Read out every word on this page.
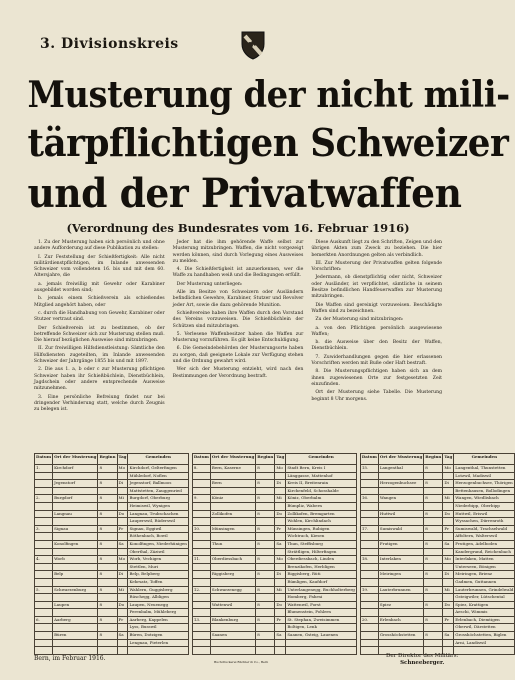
3. Divisionskreis
Musterung der nicht mili-
tärpflichtigen Schweizer
und der Privatwaffen
(Verordnung des Bundesrates vom 16. Februar 1916)

1. Zu der Musterung haben sich persönlich und ohne andere Aufforderung auf diese Publikation zu stellen:

I. Zur Feststellung der Schießfertigkeit: Alle nicht militärdienstpflichtigen, im Inlande anwesenden Schweizer vom vollendeten 16. bis und mit dem 60. Altersjahre, die

a. jemals freiwillig mit Gewehr oder Karabiner ausgebildet worden sind;

b. jemals einem Schießverein als schießendes Mitglied angehört haben, oder

c. durch die Handhabung von Gewehr, Karabiner oder Stutzer vertraut sind.

Der Schießverein ist zu bestimmen, ob der betreffende Schweizer sich zur Musterung stellen muß. Die hierauf bezüglichen Ausweise sind mitzubringen.

II. Zur freiwilligen Hilfsdienstleistung: Sämtliche den Hilfsdiensten zugeteilten, im Inlande anwesenden Schweizer der Jahrgänge 1855 bis und mit 1897.

2. Die aus 1. a, b oder c zur Musterung pflichtigen Schweizer haben ihr Schießbüchlein, Dienstbüchlein, Jagdschein oder andere entsprechende Ausweise mitzunehmen.

3. Eine persönliche Befreiung findet nur bei dringender Verhinderung statt, welche durch Zeugnis zu belegen ist.

Jeder hat die ihm gehörende Waffe selbst zur Musterung mitzubringen. Waffen, die nicht vorgezeigt werden können, sind durch Vorlegung eines Ausweises zu melden.

4. Die Schießfertigkeit ist anzuerkennen, wer die Waffe zu handhaben weiß und die Bedingungen erfüllt.

Der Musterung unterliegen:

Alle im Besitze von Schweizern oder Ausländern befindlichen Gewehre, Karabiner, Stutzer und Revolver jeder Art, sowie die dazu gehörende Munition.

Schießvereine haben ihre Waffen durch den Vorstand des Vereins vorzuweisen. Die Schießbüchlein der Schützen sind mitzubringen.

5. Verlesene Waffenbesitzer haben die Waffen zur Musterung vorzuführen. Es gilt keine Entschuldigung.

6. Die Gemeindebehörden der Musterungsorte haben zu sorgen, daß geeignete Lokale zur Verfügung stehen und die Ordnung gewahrt wird.

Wer sich der Musterung entzieht, wird nach den Bestimmungen der Verordnung bestraft.

Diese Auskunft liegt zu den Schriften, Zeigen und den übrigen Akten zum Zweck zu beziehen. Die hier bemerkten Anordnungen gelten als verbindlich.

III. Zur Musterung der Privatwaffen gelten folgende Vorschriften:

Jedermann, ob dienstpflichtig oder nicht, Schweizer oder Ausländer, ist verpflichtet, sämtliche in seinem Besitze befindlichen Handfeuerwaffen zur Musterung mitzubringen.

Die Waffen sind gereinigt vorzuweisen. Beschädigte Waffen sind zu bezeichnen.

Zu der Musterung sind mitzubringen:

a. von den Pflichtigen persönlich ausgewiesene Waffen;

b. die Ausweise über den Besitz der Waffen, Dienstbüchlein.

7. Zuwiderhandlungen gegen die hier erlassenen Vorschriften werden mit Buße oder Haft bestraft.

8. Die Musterungspflichtigen haben sich an dem ihnen zugewiesenen Orte zur festgesetzten Zeit einzufinden.

Ort der Musterung siehe Tabelle. Die Musterung beginnt 8 Uhr morgens.

Datum	Ort der Musterung	Beginn	Tag	Gemeinden
1.	Kirchdorf	8	Mo	Kirchdorf, Gelterfingen
				Mühledorf, Noflen
	Jegenstorf	8	Di	Jegenstorf, Ballmoos
				Mattstetten, Zauggenried
2.	Burgdorf	8	Mi	Burgdorf, Oberburg
				Heimiswil, Wynigen
	Langnau	8	Do	Langnau, Trubschachen
				Lauperswil, Rüderswil
3.	Signau	8	Fr	Signau, Eggiwil
				Röthenbach, Bowil
	Konolfingen	8	Sa	Konolfingen, Niederhünigen
				Oberthal, Zäziwil
4.	Worb	8	Mo	Worb, Vechigen
				Stettlen, Muri
	Belp	8	Di	Belp, Belpberg
				Kehrsatz, Toffen
5.	Schwarzenburg	8	Mi	Wahlern, Guggisberg
				Rüschegg, Albligen
	Laupen	8	Do	Laupen, Neuenegg
				Ferenbalm, Mühleberg
6.	Aarberg	8	Fr	Aarberg, Kappelen
				Lyss, Busswil
	Büren	8	Sa	Büren, Dotzigen
				Lengnau, Pieterlen

Datum	Ort der Musterung	Beginn	Tag	Gemeinden
8.	Bern, Kaserne	8	Mo	Stadt Bern, Kreis I
				Länggasse, Mattenhof
	Bern	8	Di	Kreis II, Breitenrain
				Kirchenfeld, Schosshalde
9.	Köniz	8	Mi	Köniz, Oberbalm
				Bümpliz, Wabern
	Zollikofen	8	Do	Zollikofen, Bremgarten
				Wohlen, Kirchlindach
10.	Münsingen	8	Fr	Münsingen, Rubigen
				Wichtrach, Kiesen
	Thun	8	Sa	Thun, Steffisburg
				Strättligen, Hilterfingen
11.	Oberdiessbach	8	Mo	Oberdiessbach, Linden
				Brenzikofen, Herbligen
	Riggisberg	8	Di	Riggisberg, Rüti
				Rümligen, Kaufdorf
12.	Schwarzenegg	8	Mi	Unterlangenegg, Buchholterberg
				Homberg, Fahrni
	Wattenwil	8	Do	Wattenwil, Forst
				Blumenstein, Pohlern
13.	Blankenburg	8	Fr	St. Stephan, Zweisimmen
				Boltigen, Lenk
	Saanen	8	Sa	Saanen, Gsteig, Lauenen

Datum	Ort der Musterung	Beginn	Tag	Gemeinden
15.	Langenthal	8	Mo	Langenthal, Thunstetten
				Lotzwil, Madiswil
	Herzogenbuchsee	8	Di	Herzogenbuchsee, Thörigen
				Bettenhausen, Bollodingen
16.	Wangen	8	Mi	Wangen, Wiedlisbach
				Niederbipp, Oberbipp
	Huttwil	8	Do	Huttwil, Eriswil
				Wyssachen, Dürrenroth
17.	Sumiswald	8	Fr	Sumiswald, Trachselwald
				Affoltern, Walterswil
	Frutigen	8	Sa	Frutigen, Adelboden
				Kandergrund, Reichenbach
18.	Interlaken	8	Mo	Interlaken, Matten
				Unterseen, Bönigen
	Meiringen	8	Di	Meiringen, Brienz
				Gadmen, Guttannen
19.	Lauterbrunnen	8	Mi	Lauterbrunnen, Grindelwald
				Gsteigwiler, Lütschental
	Spiez	8	Do	Spiez, Krattigen
				Aeschi, Wimmis
20.	Erlenbach	8	Fr	Erlenbach, Diemtigen
				Oberwil, Därstetten
	Grosshöchstetten	8	Sa	Grosshöchstetten, Biglen
				Arni, Landiswil

Bern, im Februar 1916.	Buchdruckerei Büchler & Co., Bern
Der Direktor des Militärs:
Schneeberger.
